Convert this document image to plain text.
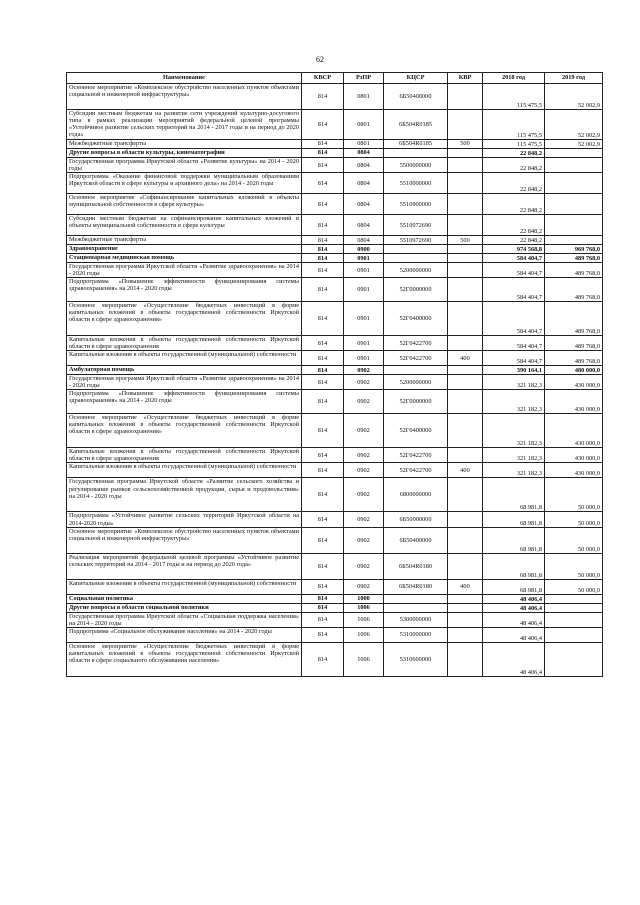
62
Наименование	КВСР	РзПР	КЦСР	КВР	2018 год	2019 год
Основное мероприятие «Комплексное обустройство населенных пунктов объектами социальной и инженерной инфраструктуры»	814	0801	6Б50400000		115 475,5	52 002,9
Субсидии местным бюджетам на развитие сети учреждений культурно-досугового типа в рамках реализации мероприятий федеральной целевой программы «Устойчивое развитие сельских территорий на 2014 - 2017 годы и на период до 2020 года»	814	0801	6Б504R0185		115 475,5	52 002,9
Межбюджетные трансферты	814	0801	6Б504R0185	500	115 475,5	52 002,9
Другие вопросы в области культуры, кинематографии	814	0804			22 848,2	
Государственная программа Иркутской области «Развитие культуры» на 2014 - 2020 годы	814	0804	5500000000		22 848,2	
Подпрограмма «Оказание финансовой поддержки муниципальным образованиям Иркутской области в сфере культуры и архивного дела» на 2014 - 2020 годы	814	0804	5510000000		22 848,2	
Основное мероприятие «Софинансирование капитальных вложений в объекты муниципальной собственности в сфере культуры»	814	0804	5510900000		22 848,2	
Субсидии местным бюджетам на софинансирование капитальных вложений в объекты муниципальной собственности в сфере культуры	814	0804	5510972690		22 848,2	
Межбюджетные трансферты	814	0804	5510972690	500	22 848,2	
Здравоохранение	814	0900			974 568,8	969 768,0
Стационарная медицинская помощь	814	0901			584 404,7	489 768,0
Государственная программа Иркутской области «Развитие здравоохранения» на 2014 - 2020 годы	814	0901	5200000000		584 404,7	489 768,0
Подпрограмма «Повышение эффективности функционирования системы здравоохранения» на 2014 - 2020 годы	814	0901	52Г0000000		584 404,7	489 768,0
Основное мероприятие «Осуществление бюджетных инвестиций в форме капитальных вложений в объекты государственной собственности Иркутской области в сфере здравоохранения»	814	0901	52Г0400000		584 404,7	489 768,0
Капитальные вложения в объекты государственной собственности Иркутской области в сфере здравоохранения	814	0901	52Г0422700		584 404,7	489 768,0
Капитальные вложения в объекты государственной (муниципальной) собственности	814	0901	52Г0422700	400	584 404,7	489 768,0
Амбулаторная помощь	814	0902			390 164,1	480 000,0
Государственная программа Иркутской области «Развитие здравоохранения» на 2014 - 2020 годы	814	0902	5200000000		321 182,3	430 000,0
Подпрограмма «Повышение эффективности функционирования системы здравоохранения» на 2014 - 2020 годы	814	0902	52Г0000000		321 182,3	430 000,0
Основное мероприятие «Осуществление бюджетных инвестиций в форме капитальных вложений в объекты государственной собственности Иркутской области в сфере здравоохранения»	814	0902	52Г0400000		321 182,3	430 000,0
Капитальные вложения в объекты государственной собственности Иркутской области в сфере здравоохранения	814	0902	52Г0422700		321 182,3	430 000,0
Капитальные вложения в объекты государственной (муниципальной) собственности	814	0902	52Г0422700	400	321 182,3	430 000,0
Государственная программа Иркутской области «Развитие сельского хозяйства и регулирование рынков сельскохозяйственной продукции, сырья и продовольствия» на 2014 - 2020 годы	814	0902	6800000000		68 981,8	50 000,0
Подпрограмма «Устойчивое развитие сельских территорий Иркутской области на 2014-2020 годы»	814	0902	6Б50000000		68 981,8	50 000,0
Основное мероприятие «Комплексное обустройство населенных пунктов объектами социальной и инженерной инфраструктуры»	814	0902	6Б50400000		68 981,8	50 000,0
Реализация мероприятий федеральной целевой программы «Устойчивое развитие сельских территорий на 2014 - 2017 годы и на период до 2020 года»	814	0902	6Б504R0180		68 981,8	50 000,0
Капитальные вложения в объекты государственной (муниципальной) собственности	814	0902	6Б504R0180	400	68 981,8	50 000,0
Социальная политика	814	1000			48 406,4	
Другие вопросы в области социальной политики	814	1006			48 406,4	
Государственная программа Иркутской области «Социальная поддержка населения» на 2014 - 2020 годы	814	1006	5300000000		48 406,4	
Подпрограмма «Социальное обслуживание населения» на 2014 - 2020 годы	814	1006	5310000000		48 406,4	
Основное мероприятие «Осуществление бюджетных инвестиций в форме капитальных вложений в объекты государственной собственности Иркутской области в сфере социального обслуживания населения»	814	1006	5310600000		48 406,4	
